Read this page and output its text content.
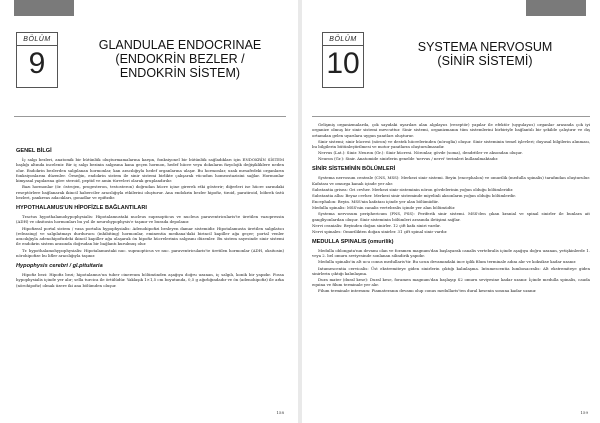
BÖLÜM
9
GLANDULAE ENDOCRINAE
(ENDOKRİN BEZLER /
ENDOKRİN SİSTEM)
GENEL BİLGİ

İç salgı bezleri, anatomik bir bütünlük oluşturmamalarına karşın, fonksiyonel bir bütünlük sağladıkları için ENDOKRİN SİSTEM başlığı altında incelenir. Bir iç salgı bezinin salgısına kana geçen hormon, hedef hücre veya dokuların fizyolojik değişikliklere neden olur. Endokrin bezlerden salgılanan hormonlar, kan aracılığıyla hedef organlarına ulaşır. Bu hormonlar, uzak mesafedeki organların fonksiyonlarını düzenler. Örneğin, endokrin sistem ile sinir sistemi birlikte çalışarak vücudun homeostazisini sağlar. Hormonlar kimyasal yapılarına göre steroid, peptid ve amin türevleri olarak gruplandırılır.

Bazı hormonlar (ör. östrojen, progesteron, testosteron) doğrudan hücre içine girerek etki gösterir; diğerleri ise hücre zarındaki reseptörlere bağlanarak ikincil haberciler aracılığıyla etkilerini oluşturur. Ana endokrin bezler hipofiz, tiroid, paratiroid, böbrek üstü bezleri, pankreas adacıkları, gonadlar ve epifizdir.

HYPOTHALAMUS'UN HİPOFİZLE BAĞLANTILARI

Tractus hypothalamohypophysialis: Hipotalamustaki nucleus supraopticus ve nucleus paraventricularis'te üretilen vazopressin (ADH) ve oksitosin hormonları bu yol ile neurohypophysis'e taşınır ve burada depolanır.

Hipofizeal portal sistem / vasa portalia hypophysialis: Adenohipofizi besleyen damar sistemidir. Hipotalamusta üretilen salgılatıcı (releasing) ve salgılatmayı durdurucu (inhibiting) hormonlar, eminentia mediana'daki birincil kapiller ağa geçer; portal venler aracılığıyla adenohipofizdeki ikincil kapiller ağa ulaşarak ön hipofiz hücrelerinin salgısını düzenler. Bu sistem sayesinde sinir sistemi ile endokrin sistem arasında doğrudan bir bağlantı kurulmuş olur.

Tr. hypothalamohypophysialis: Hipotalamustaki nuc. supraopticus ve nuc. paraventricularis'te üretilen hormonlar (ADH, oksitosin) nörohipofize bu lifler aracılığıyla taşınır.

Hypophysis cerebri / gl.pituitaria

Hipofiz bezi: Hipofiz bezi; hipotalamus'un tuber cinereum bölümünden aşağıya doğru uzanan, iç salgılı, konik bir yapıdır. Fossa hypophysialis içinde yer alır; sella turcica ile örtülüdür. Yaklaşık 1×1,5 cm boyutunda, 0,5 g ağırlığındadır ve ön (adenohipofiz) ile arka (nörohipofiz) olmak üzere iki ana bölümden oluşur.

158
BÖLÜM
10	SYSTEMA NERVOSUM
(SİNİR SİSTEMİ)

Gelişmiş organizmalarda, çok sayıdaki uyarıları alan algılayıcı (reseptör) yapılar ile efektör (uygulayıcı) organlar arasında çok iyi organize olmuş bir sinir sistemi mevcuttur. Sinir sistemi, organizmanın tüm sistemlerini birbiriyle bağlantılı bir şekilde çalıştırır ve dış ortamdan gelen uyarılara uygun yanıtları oluşturur.

Sinir sistemi; sinir hücresi (nöron) ve destek hücrelerinden (nöroglia) oluşur. Sinir sisteminin temel işlevleri; duyusal bilgilerin alınması, bu bilgilerin bütünleştirilmesi ve motor yanıtların oluşturulmasıdır.

Nervus (Lat.): Sinir. Neuron (Gr.): Sinir hücresi. Nöronlar, gövde (soma), dendritler ve aksondan oluşur.

Neuron (Gr.): Sinir. Anatomide sinirlerin genelde 'nervus / nervi' terimleri kullanılmaktadır.

SİNİR SİSTEMİNİN BÖLÜMLERİ

Systema nervosum centrale (CNS, MSS): Merkezi sinir sistemi. Beyin (encephalon) ve omurilik (medulla spinalis) tarafından oluşturulur. Kafatası ve omurga kanalı içinde yer alır.

Substantia grisea: Gri cevher. Merkezi sinir sisteminin nöron gövdelerinin yoğun olduğu bölümleridir.

Substantia alba: Beyaz cevher. Merkezi sinir sisteminde miyelinli aksonların yoğun olduğu bölümlerdir.

Encephalon: Beyin. MSS'nin kafatası içinde yer alan bölümüdür.

Medulla spinalis: MSS'nin canalis vertebralis içinde yer alan bölümüdür.

Systema nervosum periphericum (PNS, PSS): Periferik sinir sistemi. MSS'den çıkan kranial ve spinal sinirler ile bunlara ait gangliyonlardan oluşur. Sinir sisteminin bölümleri arasında iletişimi sağlar.

Nervi cranialis: Beyinden doğan sinirler. 12 çift kafa siniri vardır.

Nervi spinales: Omurilikten doğan sinirler. 31 çift spinal sinir vardır.

MEDULLA SPINALIS (omurilik)

Medulla oblongata'nın devamı olan ve foramen magnum'dan başlayarak canalis vertebralis içinde aşağıya doğru uzanan, yetişkinlerde 1. veya 2. bel omuru seviyesinde sonlanan silindirik yapıdır.

Medulla spinalis'in alt ucu conus medullaris'tir. Bu ucun devamındaki ince iplik filum terminale adını alır ve koksikse kadar uzanır.

Intumescentia cervicalis: Üst ekstremiteye giden sinirlerin çıktığı kalınlaşma. Intumescentia lumbosacralis: Alt ekstremiteye giden sinirlerin çıktığı kalınlaşma.

Dura mater (dural kese): Dural kese, foramen magnum'dan başlayıp S2 omuru seviyesine kadar uzanır. İçinde medulla spinalis, cauda equina ve filum terminale yer alır.

Filum terminale internum: Piamateranın devamı olup conus medullaris'ten dural kesenin sonuna kadar uzanır.

159
